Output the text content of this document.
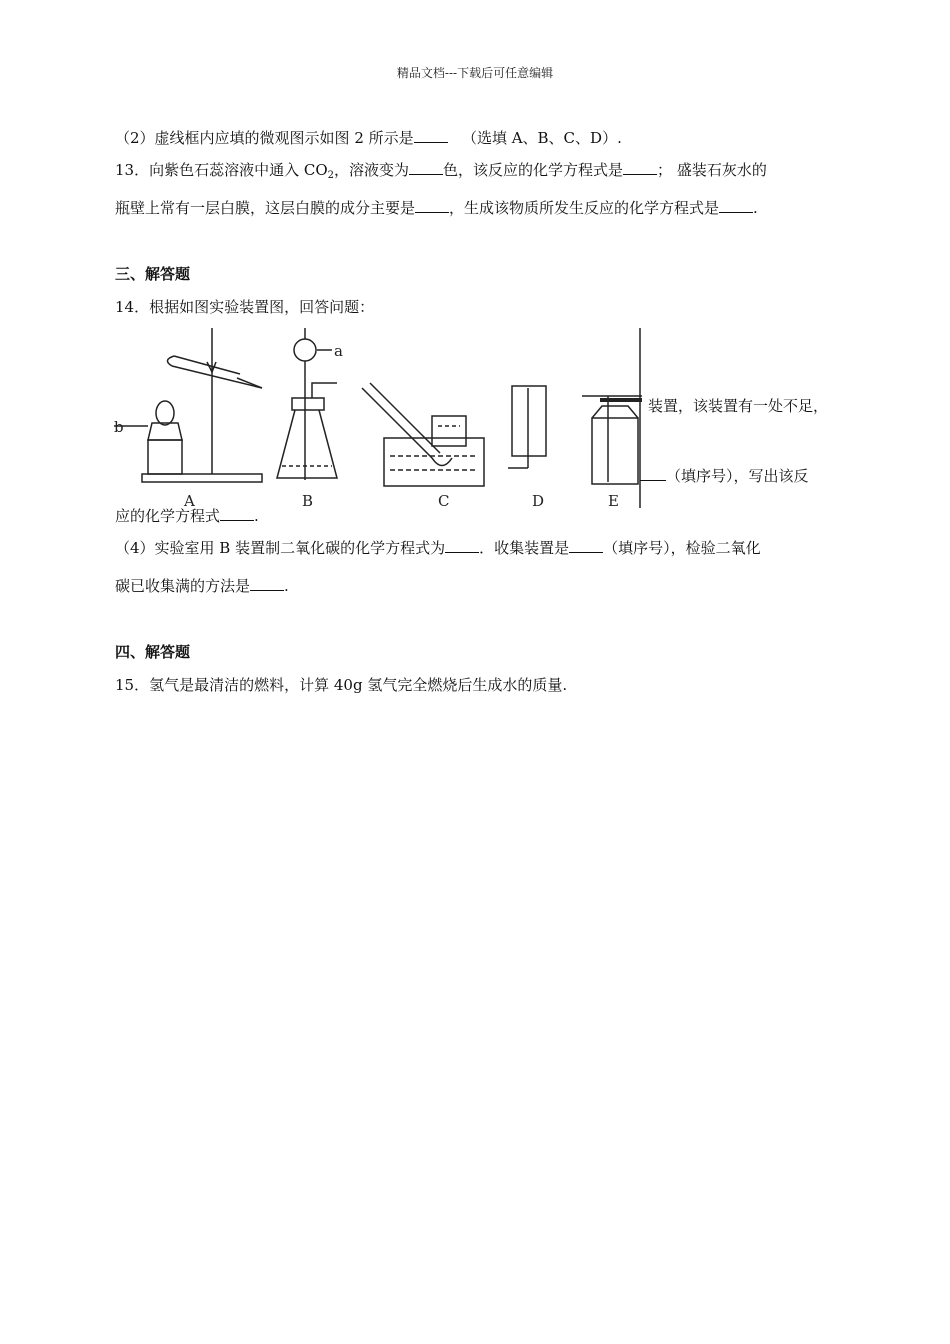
精品文档---下载后可任意编辑
（2）虚线框内应填的微观图示如图 2 所示是	（选填 A、B、C、D）.
13．向紫色石蕊溶液中通入 $CO_2$，溶液变为 色，该反应的化学方程式是 ； 盛装石灰水的
瓶壁上常有一层白膜，这层白膜的成分主要是 ，生成该物质所发生反应的化学方程式是 .
三、解答题
14．根据如图实验装置图，回答问题：
a
b
A	B	C	D	E
装置，该装置有一处不足，
（填序号），写出该反
应的化学方程式 .
（4）实验室用 B 装置制二氧化碳的化学方程式为 ．收集装置是 （填序号），检验二氧化
碳已收集满的方法是 .
四、解答题
15．氢气是最清洁的燃料，计算 40g 氢气完全燃烧后生成水的质量.
